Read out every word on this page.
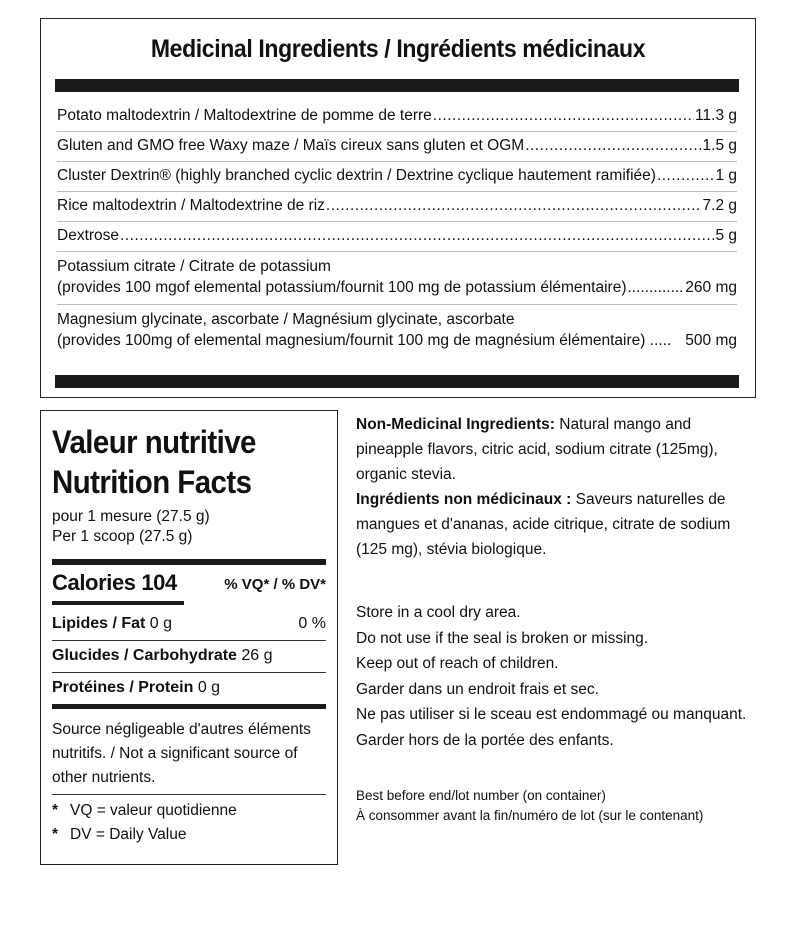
Medicinal Ingredients / Ingrédients médicinaux
Potato maltodextrin / Maltodextrine de pomme de terre .....	11.3 g
Gluten and GMO free Waxy maze / Maïs cireux sans gluten et OGM .....	1.5 g
Cluster Dextrin® (highly branched cyclic dextrin / Dextrine cyclique hautement ramifiée) .....	1 g
Rice maltodextrin / Maltodextrine de riz .....	7.2 g
Dextrose .....	5 g
Potassium citrate / Citrate de potassium
(provides 100 mgof elemental potassium/fournit 100 mg de potassium élémentaire) .....	260 mg
Magnesium glycinate, ascorbate / Magnésium glycinate, ascorbate
(provides 100mg of elemental magnesium/fournit 100 mg de magnésium élémentaire) ..... 500 mg
Valeur nutritive
Nutrition Facts
pour 1 mesure (27.5 g)
Per 1 scoop (27.5 g)
Calories 104	% VQ* / % DV*
Lipides / Fat 0 g	0 %
Glucides / Carbohydrate 26 g
Protéines / Protein 0 g
Source négligeable d'autres éléments nutritifs. / Not a significant source of other nutrients.
* VQ = valeur quotidienne
* DV = Daily Value
Non-Medicinal Ingredients: Natural mango and pineapple flavors, citric acid, sodium citrate (125mg), organic stevia.
Ingrédients non médicinaux : Saveurs naturelles de mangues et d'ananas, acide citrique, citrate de sodium (125 mg), stévia biologique.
Store in a cool dry area.
Do not use if the seal is broken or missing.
Keep out of reach of children.
Garder dans un endroit frais et sec.
Ne pas utiliser si le sceau est endommagé ou manquant.
Garder hors de la portée des enfants.
Best before end/lot number (on container)
À consommer avant la fin/numéro de lot (sur le contenant)
